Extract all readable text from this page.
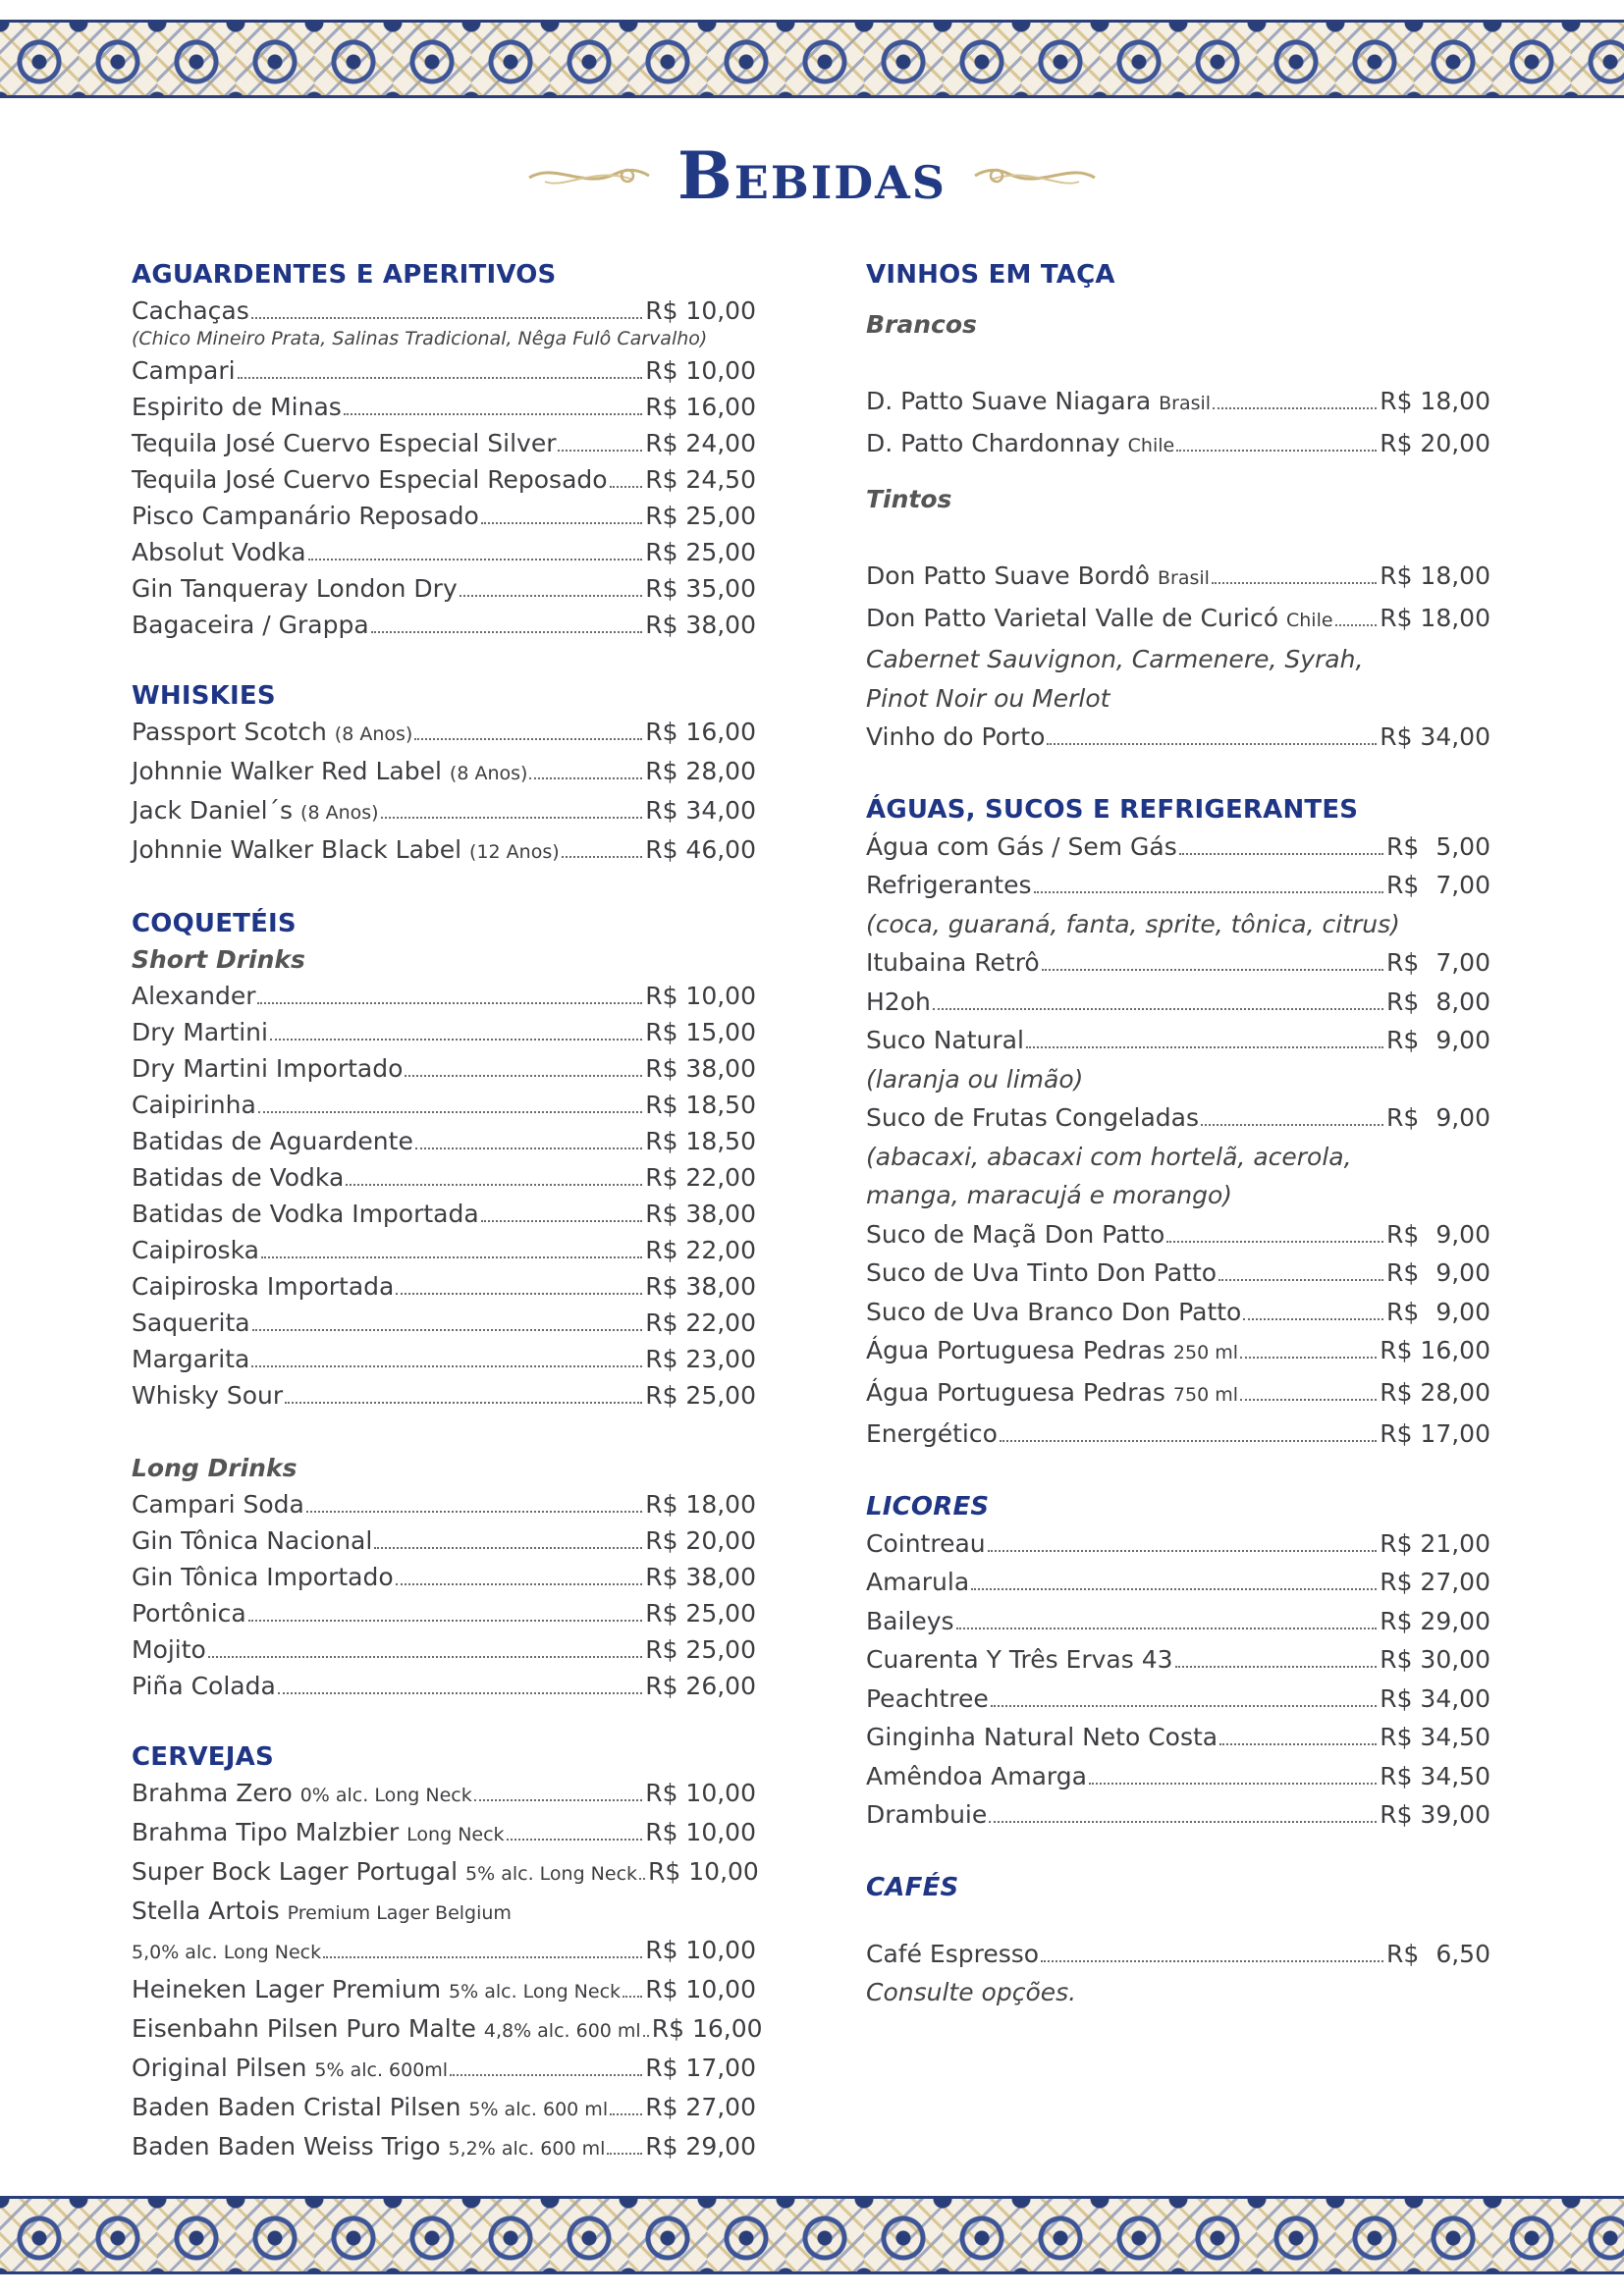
Bebidas
AGUARDENTES E APERITIVOS
Cachaças	R$ 10,00
(Chico Mineiro Prata, Salinas Tradicional, Nêga Fulô Carvalho)
Campari	R$ 10,00
Espirito de Minas	R$ 16,00
Tequila José Cuervo Especial Silver	R$ 24,00
Tequila José Cuervo Especial Reposado R$ 24,50
Pisco Campanário Reposado	R$ 25,00
Absolut Vodka	R$ 25,00
Gin Tanqueray London Dry	R$ 35,00
Bagaceira / Grappa	R$ 38,00
WHISKIES
Passport Scotch (8 Anos)	R$ 16,00
Johnnie Walker Red Label (8 Anos)	R$ 28,00
Jack Daniel´s (8 Anos)	R$ 34,00
Johnnie Walker Black Label (12 Anos)	R$ 46,00
COQUETÉIS
Short Drinks
Alexander	R$ 10,00
Dry Martini	R$ 15,00
Dry Martini Importado	R$ 38,00
Caipirinha	R$ 18,50
Batidas de Aguardente	R$ 18,50
Batidas de Vodka	R$ 22,00
Batidas de Vodka Importada	R$ 38,00
Caipiroska	R$ 22,00
Caipiroska Importada	R$ 38,00
Saquerita	R$ 22,00
Margarita	R$ 23,00
Whisky Sour	R$ 25,00
Long Drinks
Campari Soda	R$ 18,00
Gin Tônica Nacional	R$ 20,00
Gin Tônica Importado	R$ 38,00
Portônica	R$ 25,00
Mojito	R$ 25,00
Piña Colada	R$ 26,00
CERVEJAS
Brahma Zero 0% alc. Long Neck	R$ 10,00
Brahma Tipo Malzbier Long Neck	R$ 10,00
Super Bock Lager Portugal 5% alc. Long Neck R$ 10,00
Stella Artois Premium Lager Belgium
5,0% alc. Long Neck	R$ 10,00
Heineken Lager Premium 5% alc. Long Neck R$ 10,00
Eisenbahn Pilsen Puro Malte 4,8% alc. 600 ml R$ 16,00
Original Pilsen 5% alc. 600ml	R$ 17,00
Baden Baden Cristal Pilsen 5% alc. 600 ml R$ 27,00
Baden Baden Weiss Trigo 5,2% alc. 600 ml R$ 29,00
VINHOS EM TAÇA
Brancos
D. Patto Suave Niagara Brasil	R$ 18,00
D. Patto Chardonnay Chile	R$ 20,00
Tintos
Don Patto Suave Bordô Brasil	R$ 18,00
Don Patto Varietal Valle de Curicó Chile R$ 18,00
Cabernet Sauvignon, Carmenere, Syrah,
Pinot Noir ou Merlot
Vinho do Porto	R$ 34,00
ÁGUAS, SUCOS E REFRIGERANTES
Água com Gás / Sem Gás	R$ 5,00
Refrigerantes	R$ 7,00
(coca, guaraná, fanta, sprite, tônica, citrus)
Itubaina Retrô	R$ 7,00
H2oh	R$ 8,00
Suco Natural	R$ 9,00
(laranja ou limão)
Suco de Frutas Congeladas	R$ 9,00
(abacaxi, abacaxi com hortelã, acerola,
manga, maracujá e morango)
Suco de Maçã Don Patto	R$ 9,00
Suco de Uva Tinto Don Patto	R$ 9,00
Suco de Uva Branco Don Patto	R$ 9,00
Água Portuguesa Pedras 250 ml	R$ 16,00
Água Portuguesa Pedras 750 ml	R$ 28,00
Energético	R$ 17,00
LICORES
Cointreau	R$ 21,00
Amarula	R$ 27,00
Baileys	R$ 29,00
Cuarenta Y Três Ervas 43	R$ 30,00
Peachtree	R$ 34,00
Ginginha Natural Neto Costa	R$ 34,50
Amêndoa Amarga	R$ 34,50
Drambuie	R$ 39,00
CAFÉS
Café Espresso	R$ 6,50
Consulte opções.
